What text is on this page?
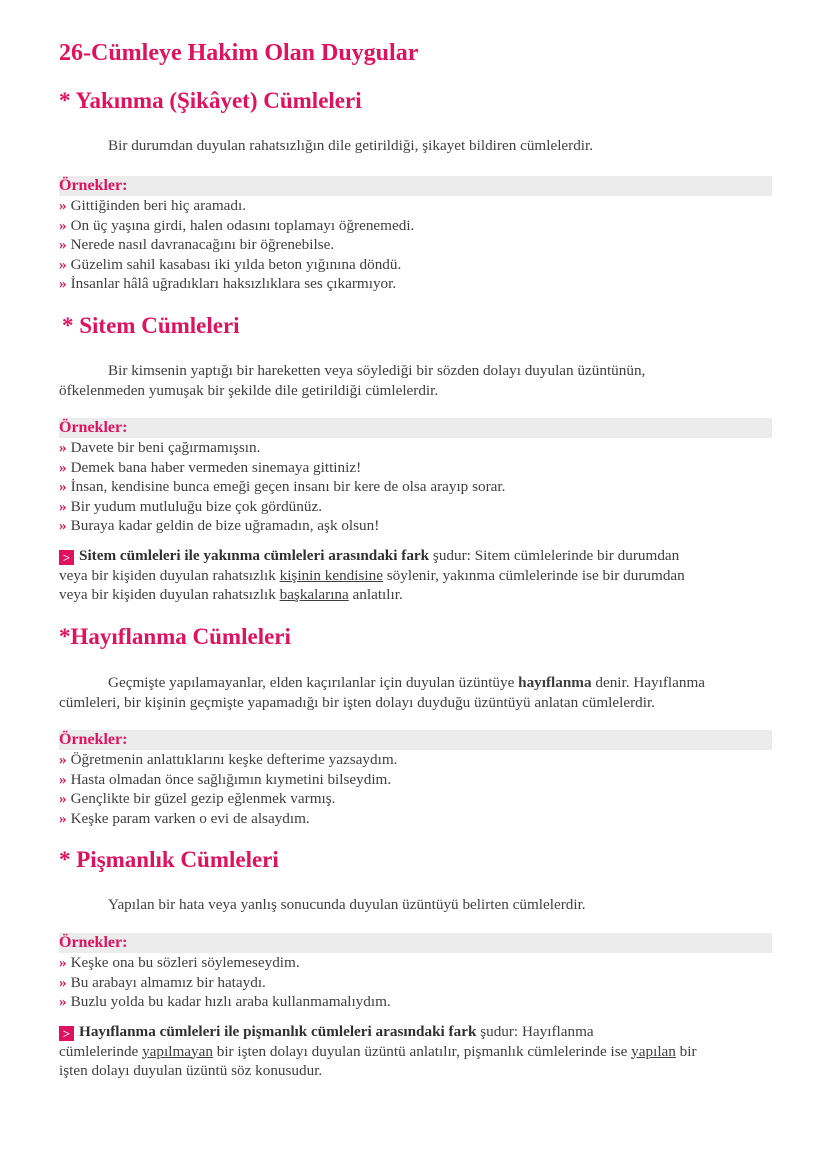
26-Cümleye Hakim Olan Duygular
* Yakınma (Şikâyet) Cümleleri
Bir durumdan duyulan rahatsızlığın dile getirildiği, şikayet bildiren cümlelerdir.
Örnekler:
» Gittiğinden beri hiç aramadı.
» On üç yaşına girdi, halen odasını toplamayı öğrenemedi.
» Nerede nasıl davranacağını bir öğrenebilse.
» Güzelim sahil kasabası iki yılda beton yığınına döndü.
» İnsanlar hâlâ uğradıkları haksızlıklara ses çıkarmıyor.
* Sitem Cümleleri
Bir kimsenin yaptığı bir hareketten veya söylediği bir sözden dolayı duyulan üzüntünün,
öfkelenmeden yumuşak bir şekilde dile getirildiği cümlelerdir.
Örnekler:
» Davete bir beni çağırmamışsın.
» Demek bana haber vermeden sinemaya gittiniz!
» İnsan, kendisine bunca emeği geçen insanı bir kere de olsa arayıp sorar.
» Bir yudum mutluluğu bize çok gördünüz.
» Buraya kadar geldin de bize uğramadın, aşk olsun!
> Sitem cümleleri ile yakınma cümleleri arasındaki fark şudur: Sitem cümlelerinde bir durumdan
veya bir kişiden duyulan rahatsızlık kişinin kendisine söylenir, yakınma cümlelerinde ise bir durumdan
veya bir kişiden duyulan rahatsızlık başkalarına anlatılır.
*Hayıflanma Cümleleri
Geçmişte yapılamayanlar, elden kaçırılanlar için duyulan üzüntüye hayıflanma denir. Hayıflanma
cümleleri, bir kişinin geçmişte yapamadığı bir işten dolayı duyduğu üzüntüyü anlatan cümlelerdir.
Örnekler:
» Öğretmenin anlattıklarını keşke defterime yazsaydım.
» Hasta olmadan önce sağlığımın kıymetini bilseydim.
» Gençlikte bir güzel gezip eğlenmek varmış.
» Keşke param varken o evi de alsaydım.
* Pişmanlık Cümleleri
Yapılan bir hata veya yanlış sonucunda duyulan üzüntüyü belirten cümlelerdir.
Örnekler:
» Keşke ona bu sözleri söylemeseydim.
» Bu arabayı almamız bir hataydı.
» Buzlu yolda bu kadar hızlı araba kullanmamalıydım.
> Hayıflanma cümleleri ile pişmanlık cümleleri arasındaki fark şudur: Hayıflanma
cümlelerinde yapılmayan bir işten dolayı duyulan üzüntü anlatılır, pişmanlık cümlelerinde ise yapılan bir
işten dolayı duyulan üzüntü söz konusudur.
